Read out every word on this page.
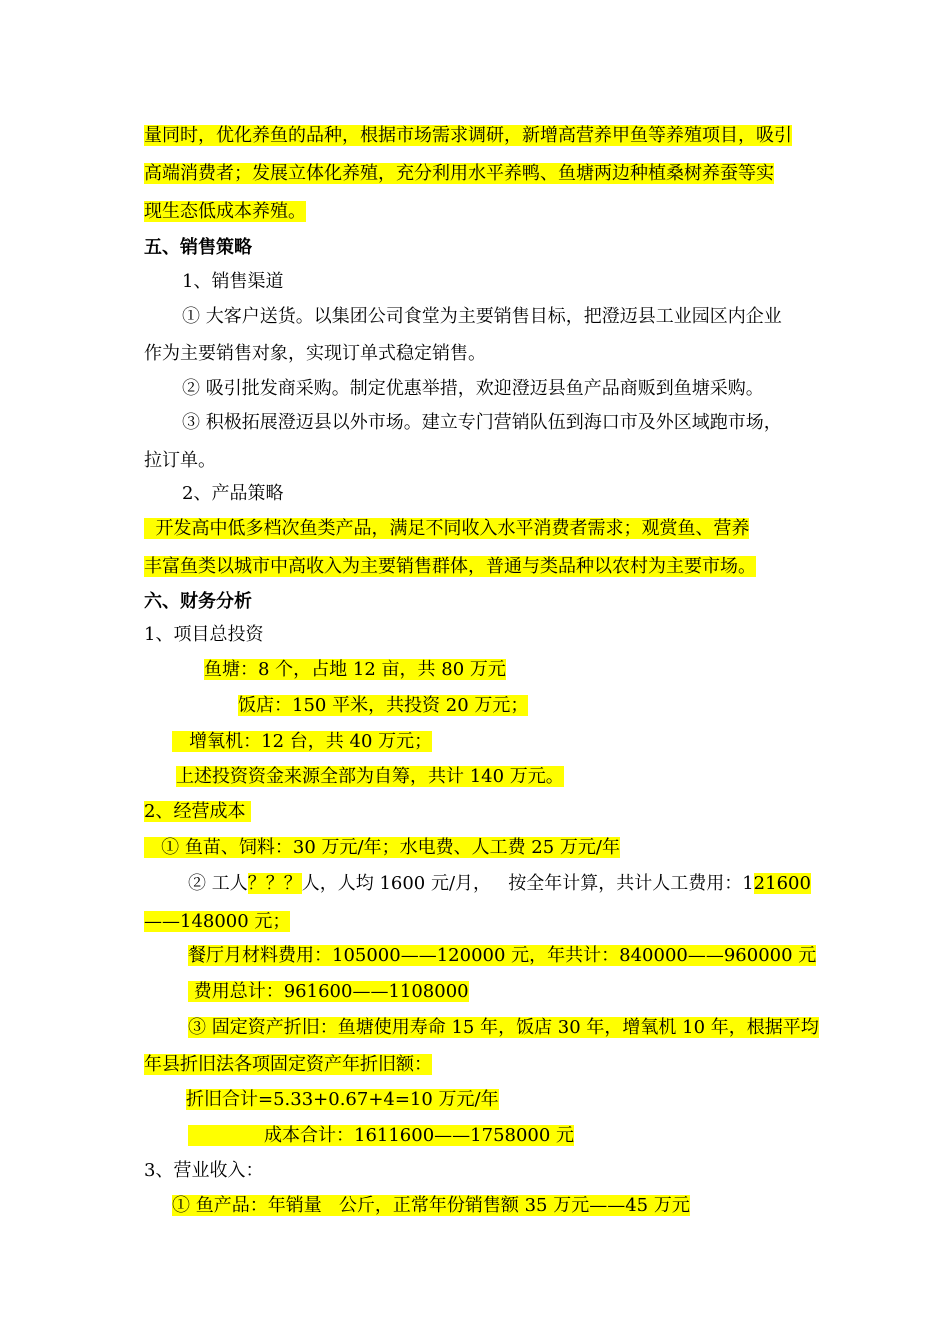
量同时，优化养鱼的品种，根据市场需求调研，新增高营养甲鱼等养殖项目，吸引
高端消费者；发展立体化养殖，充分利用水平养鸭、鱼塘两边种植桑树养蚕等实
现生态低成本养殖。
五、销售策略
1、销售渠道
① 大客户送货。以集团公司食堂为主要销售目标，把澄迈县工业园区内企业
作为主要销售对象，实现订单式稳定销售。
② 吸引批发商采购。制定优惠举措，欢迎澄迈县鱼产品商贩到鱼塘采购。
③ 积极拓展澄迈县以外市场。建立专门营销队伍到海口市及外区域跑市场，
拉订单。
2、产品策略
开发高中低多档次鱼类产品，满足不同收入水平消费者需求；观赏鱼、营养
丰富鱼类以城市中高收入为主要销售群体，普通与类品种以农村为主要市场。
六、财务分析
1、项目总投资
鱼塘：8 个，占地 12 亩，共 80 万元
饭店：150 平米，共投资 20 万元；
增氧机：12 台，共 40 万元；
上述投资资金来源全部为自筹，共计 140 万元。
2、经营成本
① 鱼苗、饲料：30 万元/年；水电费、人工费 25 万元/年
② 工人？？？人，人均 1600 元/月，   按全年计算，共计人工费用：121600
——148000 元；
餐厅月材料费用：105000——120000 元，年共计：840000——960000 元
费用总计：961600——1108000
③ 固定资产折旧：鱼塘使用寿命 15 年，饭店 30 年，增氧机 10 年，根据平均
年县折旧法各项固定资产年折旧额：
折旧合计=5.33+0.67+4=10 万元/年
成本合计：1611600——1758000 元
3、营业收入：
① 鱼产品：年销量   公斤，正常年份销售额 35 万元——45 万元
